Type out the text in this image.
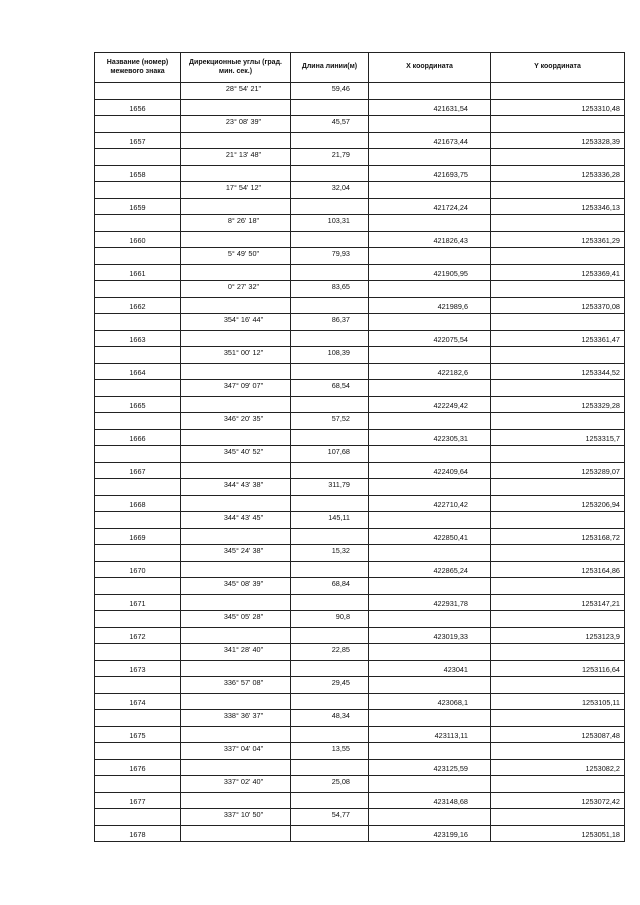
Название (номер) межевого знака	Дирекционные углы (град. мин. сек.)	Длина линии(м)	X координата	Y координата
	28° 54' 21"	59,46		
1656			421631,54	1253310,48
	23° 08' 39"	45,57		
1657			421673,44	1253328,39
	21° 13' 48"	21,79		
1658			421693,75	1253336,28
	17° 54' 12"	32,04		
1659			421724,24	1253346,13
	8° 26' 18"	103,31		
1660			421826,43	1253361,29
	5° 49' 50"	79,93		
1661			421905,95	1253369,41
	0° 27' 32"	83,65		
1662			421989,6	1253370,08
	354° 16' 44"	86,37		
1663			422075,54	1253361,47
	351° 00' 12"	108,39		
1664			422182,6	1253344,52
	347° 09' 07"	68,54		
1665			422249,42	1253329,28
	346° 20' 35"	57,52		
1666			422305,31	1253315,7
	345° 40' 52"	107,68		
1667			422409,64	1253289,07
	344° 43' 38"	311,79		
1668			422710,42	1253206,94
	344° 43' 45"	145,11		
1669			422850,41	1253168,72
	345° 24' 38"	15,32		
1670			422865,24	1253164,86
	345° 08' 39"	68,84		
1671			422931,78	1253147,21
	345° 05' 28"	90,8		
1672			423019,33	1253123,9
	341° 28' 40"	22,85		
1673			423041	1253116,64
	336° 57' 08"	29,45		
1674			423068,1	1253105,11
	338° 36' 37"	48,34		
1675			423113,11	1253087,48
	337° 04' 04"	13,55		
1676			423125,59	1253082,2
	337° 02' 40"	25,08		
1677			423148,68	1253072,42
	337° 10' 50"	54,77		
1678			423199,16	1253051,18
